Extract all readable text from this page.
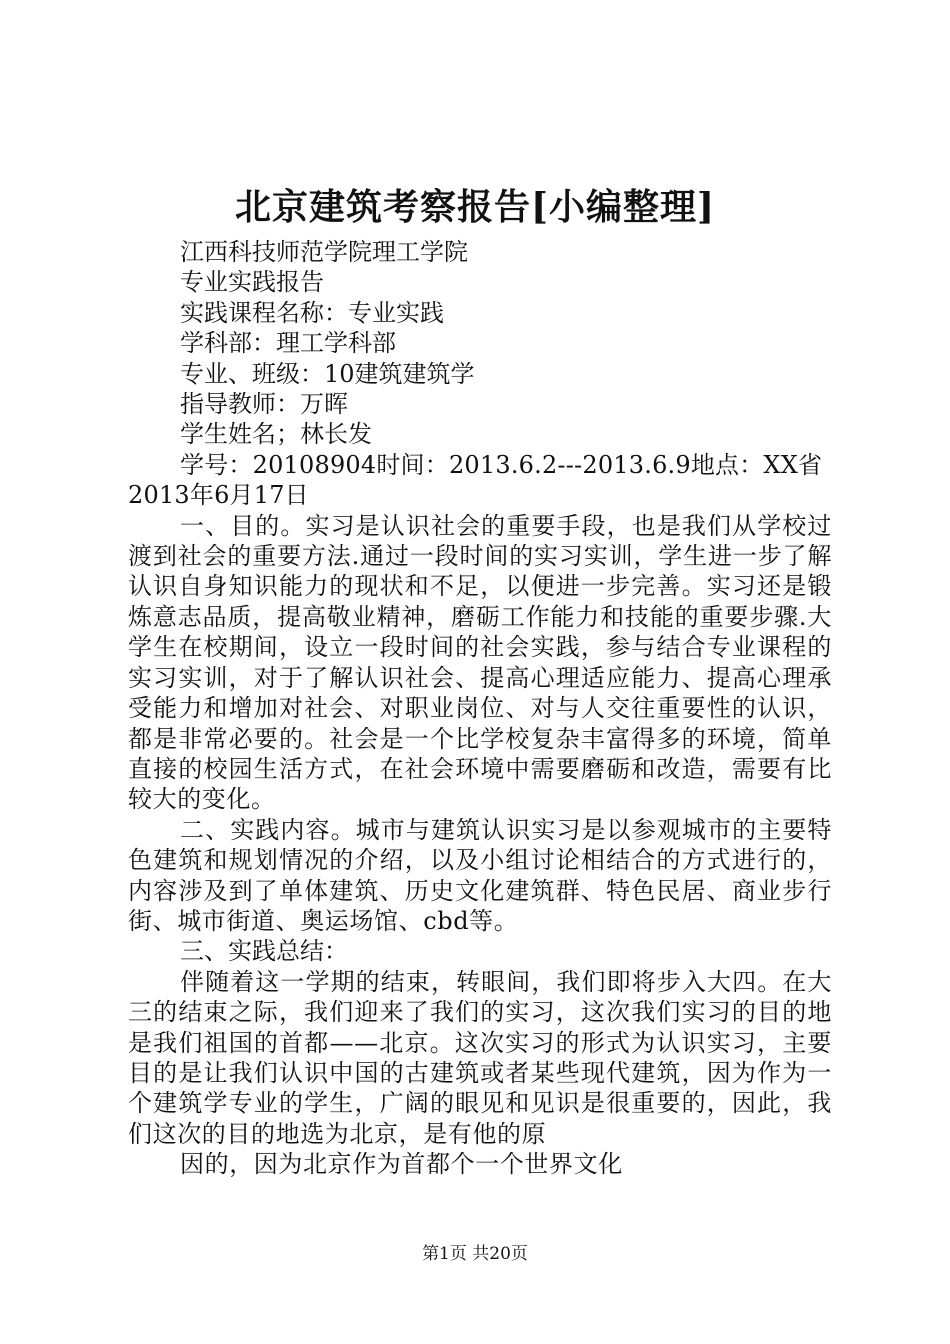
北京建筑考察报告[小编整理]
江西科技师范学院理工学院
专业实践报告
实践课程名称：专业实践
学科部：理工学科部
专业、班级：10建筑建筑学
指导教师：万晖
学生姓名；林长发
学号：20108904时间：2013.6.2---2013.6.9地点：XX省2013年6月17日
一、目的。实习是认识社会的重要手段，也是我们从学校过渡到社会的重要方法.通过一段时间的实习实训，学生进一步了解认识自身知识能力的现状和不足，以便进一步完善。实习还是锻炼意志品质，提高敬业精神，磨砺工作能力和技能的重要步骤.大学生在校期间，设立一段时间的社会实践，参与结合专业课程的实习实训，对于了解认识社会、提高心理适应能力、提高心理承受能力和增加对社会、对职业岗位、对与人交往重要性的认识，都是非常必要的。社会是一个比学校复杂丰富得多的环境，简单直接的校园生活方式，在社会环境中需要磨砺和改造，需要有比较大的变化。
二、实践内容。城市与建筑认识实习是以参观城市的主要特色建筑和规划情况的介绍，以及小组讨论相结合的方式进行的，内容涉及到了单体建筑、历史文化建筑群、特色民居、商业步行街、城市街道、奥运场馆、cbd等。
三、实践总结：
伴随着这一学期的结束，转眼间，我们即将步入大四。在大三的结束之际，我们迎来了我们的实习，这次我们实习的目的地是我们祖国的首都——北京。这次实习的形式为认识实习，主要目的是让我们认识中国的古建筑或者某些现代建筑，因为作为一个建筑学专业的学生，广阔的眼见和见识是很重要的，因此，我们这次的目的地选为北京，是有他的原
因的，因为北京作为首都个一个世界文化
第1页 共20页
